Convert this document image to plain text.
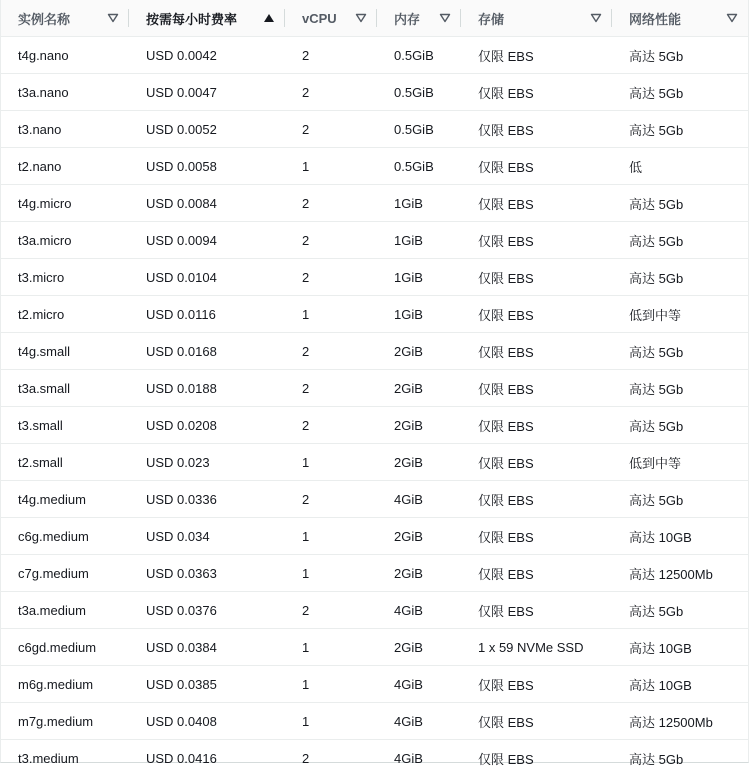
实例名称	按需每小时费率	vCPU	内存	存储	网络性能

t4g.nano	USD 0.0042	2	0.5GiB	仅限 EBS	高达 5Gb
t3a.nano	USD 0.0047	2	0.5GiB	仅限 EBS	高达 5Gb
t3.nano	USD 0.0052	2	0.5GiB	仅限 EBS	高达 5Gb
t2.nano	USD 0.0058	1	0.5GiB	仅限 EBS	低
t4g.micro	USD 0.0084	2	1GiB	仅限 EBS	高达 5Gb
t3a.micro	USD 0.0094	2	1GiB	仅限 EBS	高达 5Gb
t3.micro	USD 0.0104	2	1GiB	仅限 EBS	高达 5Gb
t2.micro	USD 0.0116	1	1GiB	仅限 EBS	低到中等
t4g.small	USD 0.0168	2	2GiB	仅限 EBS	高达 5Gb
t3a.small	USD 0.0188	2	2GiB	仅限 EBS	高达 5Gb
t3.small	USD 0.0208	2	2GiB	仅限 EBS	高达 5Gb
t2.small	USD 0.023	1	2GiB	仅限 EBS	低到中等
t4g.medium	USD 0.0336	2	4GiB	仅限 EBS	高达 5Gb
c6g.medium	USD 0.034	1	2GiB	仅限 EBS	高达 10GB
c7g.medium	USD 0.0363	1	2GiB	仅限 EBS	高达 12500Mb
t3a.medium	USD 0.0376	2	4GiB	仅限 EBS	高达 5Gb
c6gd.medium	USD 0.0384	1	2GiB	1 x 59 NVMe SSD	高达 10GB
m6g.medium	USD 0.0385	1	4GiB	仅限 EBS	高达 10GB
m7g.medium	USD 0.0408	1	4GiB	仅限 EBS	高达 12500Mb
t3.medium	USD 0.0416	2	4GiB	仅限 EBS	高达 5Gb
